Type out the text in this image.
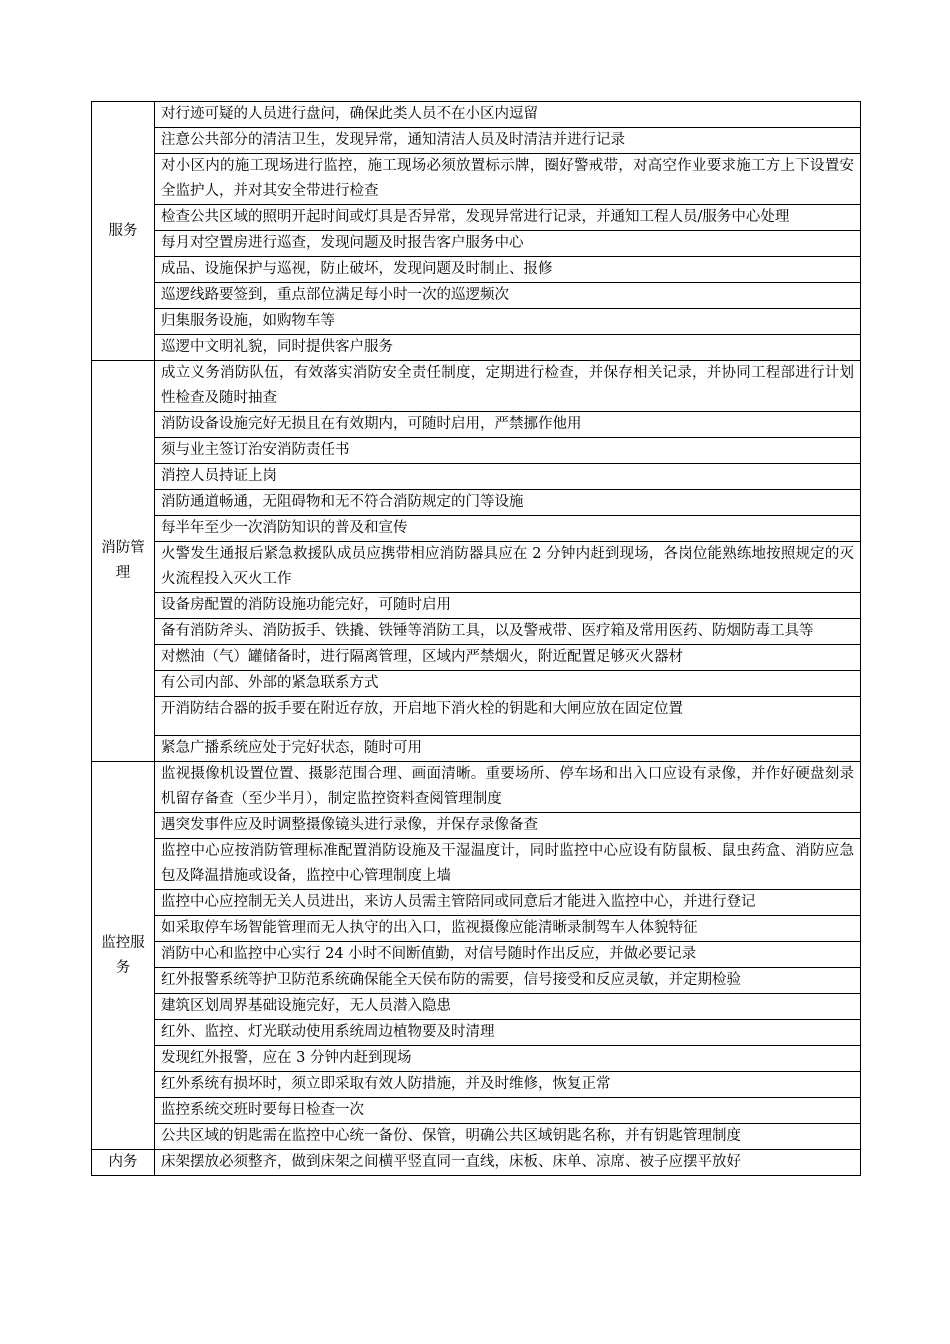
服务	对行迹可疑的人员进行盘问，确保此类人员不在小区内逗留
	注意公共部分的清洁卫生，发现异常，通知清洁人员及时清洁并进行记录
	对小区内的施工现场进行监控，施工现场必须放置标示牌，圈好警戒带，对高空作业要求施工方上下设置安全监护人，并对其安全带进行检查
	检查公共区域的照明开起时间或灯具是否异常，发现异常进行记录，并通知工程人员/服务中心处理
	每月对空置房进行巡查，发现问题及时报告客户服务中心
	成品、设施保护与巡视，防止破坏，发现问题及时制止、报修
	巡逻线路要签到，重点部位满足每小时一次的巡逻频次
	归集服务设施，如购物车等
	巡逻中文明礼貌，同时提供客户服务
消防管理	成立义务消防队伍，有效落实消防安全责任制度，定期进行检查，并保存相关记录，并协同工程部进行计划性检查及随时抽查
	消防设备设施完好无损且在有效期内，可随时启用，严禁挪作他用
	须与业主签订治安消防责任书
	消控人员持证上岗
	消防通道畅通，无阻碍物和无不符合消防规定的门等设施
	每半年至少一次消防知识的普及和宣传
	火警发生通报后紧急救援队成员应携带相应消防器具应在 2 分钟内赶到现场，各岗位能熟练地按照规定的灭火流程投入灭火工作
	设备房配置的消防设施功能完好，可随时启用
	备有消防斧头、消防扳手、铁撬、铁锤等消防工具，以及警戒带、医疗箱及常用医药、防烟防毒工具等
	对燃油（气）罐储备时，进行隔离管理，区域内严禁烟火，附近配置足够灭火器材
	有公司内部、外部的紧急联系方式

	开消防结合器的扳手要在附近存放，开启地下消火栓的钥匙和大闸应放在固定位置

	紧急广播系统应处于完好状态，随时可用
监控服务	监视摄像机设置位置、摄影范围合理、画面清晰。重要场所、停车场和出入口应设有录像，并作好硬盘刻录机留存备查（至少半月），制定监控资料查阅管理制度
	遇突发事件应及时调整摄像镜头进行录像，并保存录像备查
	监控中心应按消防管理标准配置消防设施及干湿温度计，同时监控中心应设有防鼠板、鼠虫药盒、消防应急包及降温措施或设备，监控中心管理制度上墙
	监控中心应控制无关人员进出，来访人员需主管陪同或同意后才能进入监控中心，并进行登记
	如采取停车场智能管理而无人执守的出入口，监视摄像应能清晰录制驾车人体貌特征
	消防中心和监控中心实行 24 小时不间断值勤，对信号随时作出反应，并做必要记录
	红外报警系统等护卫防范系统确保能全天侯布防的需要，信号接受和反应灵敏，并定期检验
	建筑区划周界基础设施完好，无人员潜入隐患
	红外、监控、灯光联动使用系统周边植物要及时清理
	发现红外报警，应在 3 分钟内赶到现场
	红外系统有损坏时，须立即采取有效人防措施，并及时维修，恢复正常
	监控系统交班时要每日检查一次
	公共区域的钥匙需在监控中心统一备份、保管，明确公共区域钥匙名称，并有钥匙管理制度
内务	床架摆放必须整齐，做到床架之间横平竖直同一直线，床板、床单、凉席、被子应摆平放好
